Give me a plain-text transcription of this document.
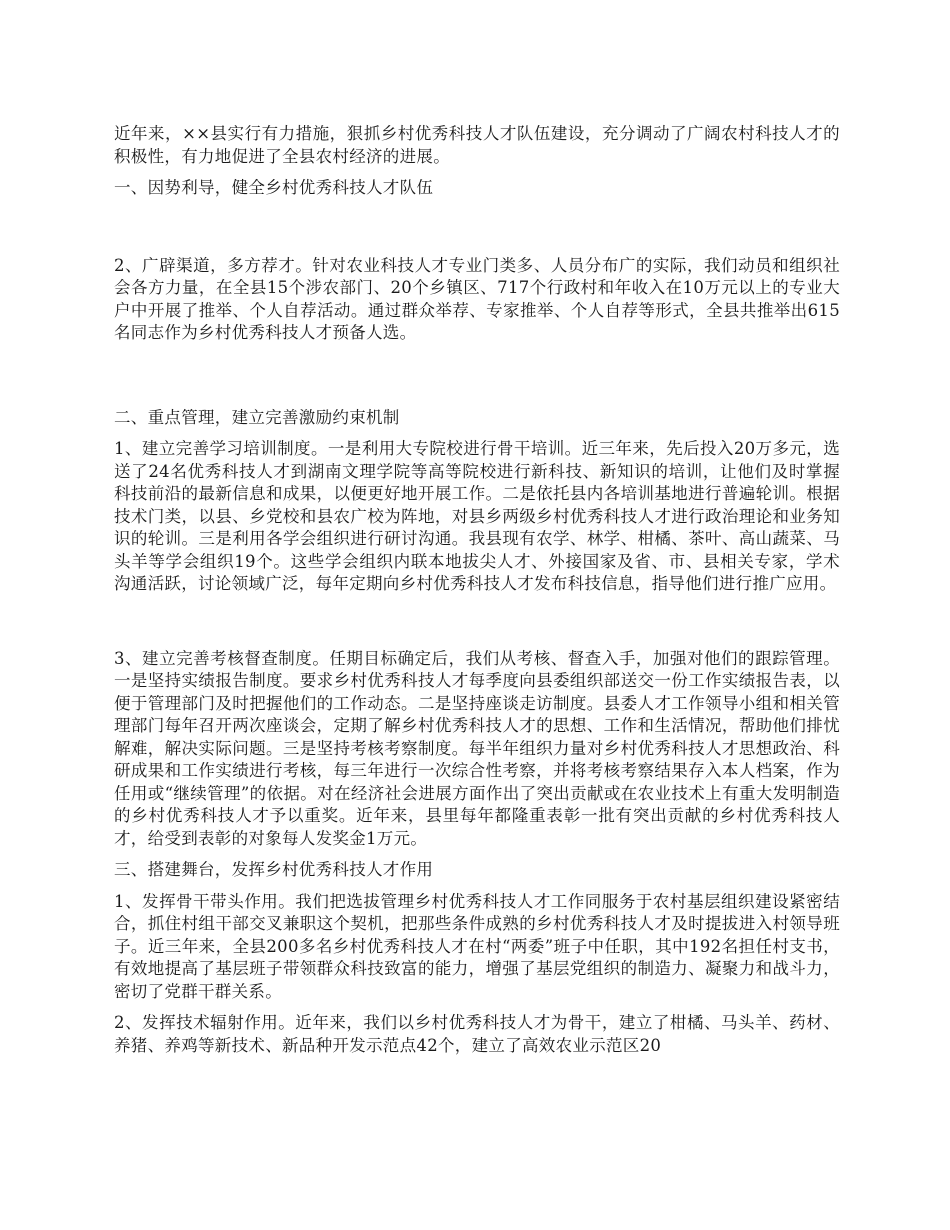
近年来，××县实行有力措施，狠抓乡村优秀科技人才队伍建设，充分调动了广阔农村科技人才的积极性，有力地促进了全县农村经济的进展。

一、因势利导，健全乡村优秀科技人才队伍

2、广辟渠道，多方荐才。针对农业科技人才专业门类多、人员分布广的实际，我们动员和组织社会各方力量，在全县15个涉农部门、20个乡镇区、717个行政村和年收入在10万元以上的专业大户中开展了推举、个人自荐活动。通过群众举荐、专家推举、个人自荐等形式，全县共推举出615名同志作为乡村优秀科技人才预备人选。

二、重点管理，建立完善激励约束机制

1、建立完善学习培训制度。一是利用大专院校进行骨干培训。近三年来，先后投入20万多元，选送了24名优秀科技人才到湖南文理学院等高等院校进行新科技、新知识的培训，让他们及时掌握科技前沿的最新信息和成果，以便更好地开展工作。二是依托县内各培训基地进行普遍轮训。根据技术门类，以县、乡党校和县农广校为阵地，对县乡两级乡村优秀科技人才进行政治理论和业务知识的轮训。三是利用各学会组织进行研讨沟通。我县现有农学、林学、柑橘、茶叶、高山蔬菜、马头羊等学会组织19个。这些学会组织内联本地拔尖人才、外接国家及省、市、县相关专家，学术沟通活跃，讨论领域广泛，每年定期向乡村优秀科技人才发布科技信息，指导他们进行推广应用。

3、建立完善考核督查制度。任期目标确定后，我们从考核、督查入手，加强对他们的跟踪管理。一是坚持实绩报告制度。要求乡村优秀科技人才每季度向县委组织部送交一份工作实绩报告表，以便于管理部门及时把握他们的工作动态。二是坚持座谈走访制度。县委人才工作领导小组和相关管理部门每年召开两次座谈会，定期了解乡村优秀科技人才的思想、工作和生活情况，帮助他们排忧解难，解决实际问题。三是坚持考核考察制度。每半年组织力量对乡村优秀科技人才思想政治、科研成果和工作实绩进行考核，每三年进行一次综合性考察，并将考核考察结果存入本人档案，作为任用或“继续管理”的依据。对在经济社会进展方面作出了突出贡献或在农业技术上有重大发明制造的乡村优秀科技人才予以重奖。近年来，县里每年都隆重表彰一批有突出贡献的乡村优秀科技人才，给受到表彰的对象每人发奖金1万元。

三、搭建舞台，发挥乡村优秀科技人才作用

1、发挥骨干带头作用。我们把选拔管理乡村优秀科技人才工作同服务于农村基层组织建设紧密结合，抓住村组干部交叉兼职这个契机，把那些条件成熟的乡村优秀科技人才及时提拔进入村领导班子。近三年来，全县200多名乡村优秀科技人才在村“两委”班子中任职，其中192名担任村支书，有效地提高了基层班子带领群众科技致富的能力，增强了基层党组织的制造力、凝聚力和战斗力，密切了党群干群关系。

2、发挥技术辐射作用。近年来，我们以乡村优秀科技人才为骨干，建立了柑橘、马头羊、药材、养猪、养鸡等新技术、新品种开发示范点42个，建立了高效农业示范区20
